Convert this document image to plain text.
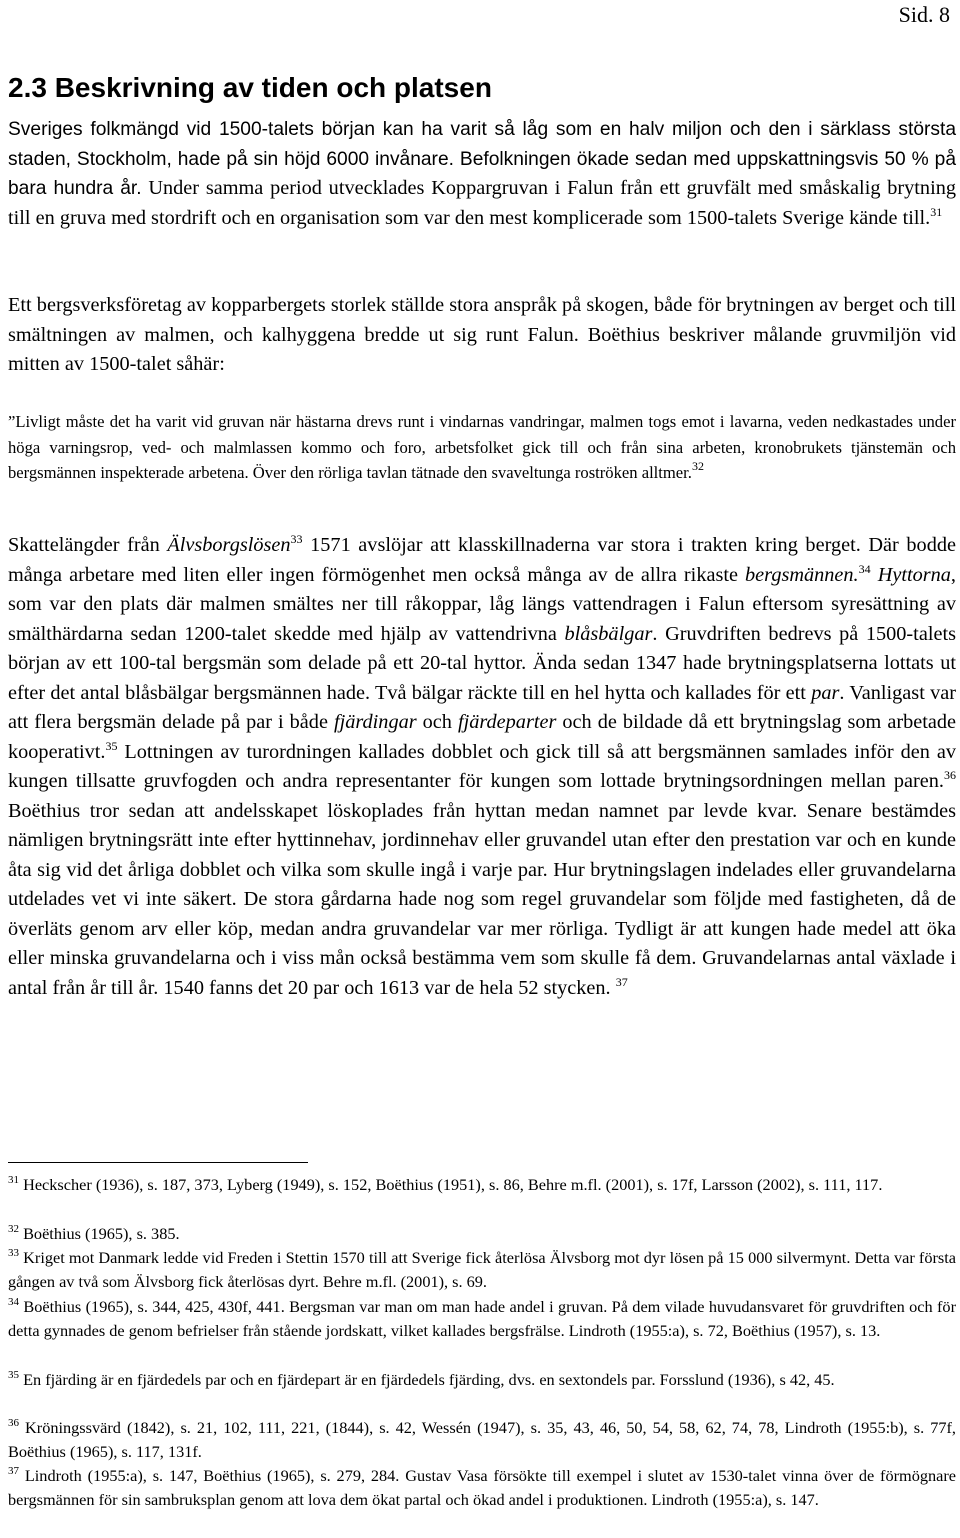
Sid. 8
2.3 Beskrivning av tiden och platsen

Sveriges folkmängd vid 1500-talets början kan ha varit så låg som en halv miljon och den i särklass största staden, Stockholm, hade på sin höjd 6000 invånare. Befolkningen ökade sedan med uppskattningsvis 50 % på bara hundra år. Under samma period utvecklades Koppargruvan i Falun från ett gruvfält med småskalig brytning till en gruva med stordrift och en organisation som var den mest komplicerade som 1500-talets Sverige kände till.$^{31}$

Ett bergsverksföretag av kopparbergets storlek ställde stora anspråk på skogen, både för brytningen av berget och till smältningen av malmen, och kalhyggena bredde ut sig runt Falun. Boëthius beskriver målande gruvmiljön vid mitten av 1500-talet såhär:

”Livligt måste det ha varit vid gruvan när hästarna drevs runt i vindarnas vandringar, malmen togs emot i lavarna, veden nedkastades under höga varningsrop, ved- och malmlassen kommo och foro, arbetsfolket gick till och från sina arbeten, kronobrukets tjänstemän och bergsmännen inspekterade arbetena. Över den rörliga tavlan tätnade den svaveltunga roströken alltmer.$^{32}$

Skattelängder från Älvsborgslösen$^{33}$ 1571 avslöjar att klasskillnaderna var stora i trakten kring berget. Där bodde många arbetare med liten eller ingen förmögenhet men också många av de allra rikaste bergsmännen.$^{34}$ Hyttorna, som var den plats där malmen smältes ner till råkoppar, låg längs vattendragen i Falun eftersom syresättning av smälthärdarna sedan 1200-talet skedde med hjälp av vattendrivna blåsbälgar. Gruvdriften bedrevs på 1500-talets början av ett 100-tal bergsmän som delade på ett 20-tal hyttor. Ända sedan 1347 hade brytningsplatserna lottats ut efter det antal blåsbälgar bergsmännen hade. Två bälgar räckte till en hel hytta och kallades för ett par. Vanligast var att flera bergsmän delade på par i både fjärdingar och fjärdeparter och de bildade då ett brytningslag som arbetade kooperativt.$^{35}$ Lottningen av turordningen kallades dobblet och gick till så att bergsmännen samlades inför den av kungen tillsatte gruvfogden och andra representanter för kungen som lottade brytningsordningen mellan paren.$^{36}$ Boëthius tror sedan att andelsskapet löskoplades från hyttan medan namnet par levde kvar. Senare bestämdes nämligen brytningsrätt inte efter hyttinnehav, jordinnehav eller gruvandel utan efter den prestation var och en kunde åta sig vid det årliga dobblet och vilka som skulle ingå i varje par. Hur brytningslagen indelades eller gruvandelarna utdelades vet vi inte säkert. De stora gårdarna hade nog som regel gruvandelar som följde med fastigheten, då de överläts genom arv eller köp, medan andra gruvandelar var mer rörliga. Tydligt är att kungen hade medel att öka eller minska gruvandelarna och i viss mån också bestämma vem som skulle få dem. Gruvandelarnas antal växlade i antal från år till år. 1540 fanns det 20 par och 1613 var de hela 52 stycken. $^{37}$

$^{31}$ Heckscher (1936), s. 187, 373, Lyberg (1949), s. 152, Boëthius (1951), s. 86, Behre m.fl. (2001), s. 17f, Larsson (2002), s. 111, 117.

$^{32}$ Boëthius (1965), s. 385.

$^{33}$ Kriget mot Danmark ledde vid Freden i Stettin 1570 till att Sverige fick återlösa Älvsborg mot dyr lösen på 15 000 silvermynt. Detta var första gången av två som Älvsborg fick återlösas dyrt. Behre m.fl. (2001), s. 69.

$^{34}$ Boëthius (1965), s. 344, 425, 430f, 441. Bergsman var man om man hade andel i gruvan. På dem vilade huvudansvaret för gruvdriften och för detta gynnades de genom befrielser från stående jordskatt, vilket kallades bergsfrälse. Lindroth (1955:a), s. 72, Boëthius (1957), s. 13.

$^{35}$ En fjärding är en fjärdedels par och en fjärdepart är en fjärdedels fjärding, dvs. en sextondels par. Forsslund (1936), s 42, 45.

$^{36}$ Kröningssvärd (1842), s. 21, 102, 111, 221, (1844), s. 42, Wessén (1947), s. 35, 43, 46, 50, 54, 58, 62, 74, 78, Lindroth (1955:b), s. 77f, Boëthius (1965), s. 117, 131f.

$^{37}$ Lindroth (1955:a), s. 147, Boëthius (1965), s. 279, 284. Gustav Vasa försökte till exempel i slutet av 1530-talet vinna över de förmögnare bergsmännen för sin sambruksplan genom att lova dem ökat partal och ökad andel i produktionen. Lindroth (1955:a), s. 147.
